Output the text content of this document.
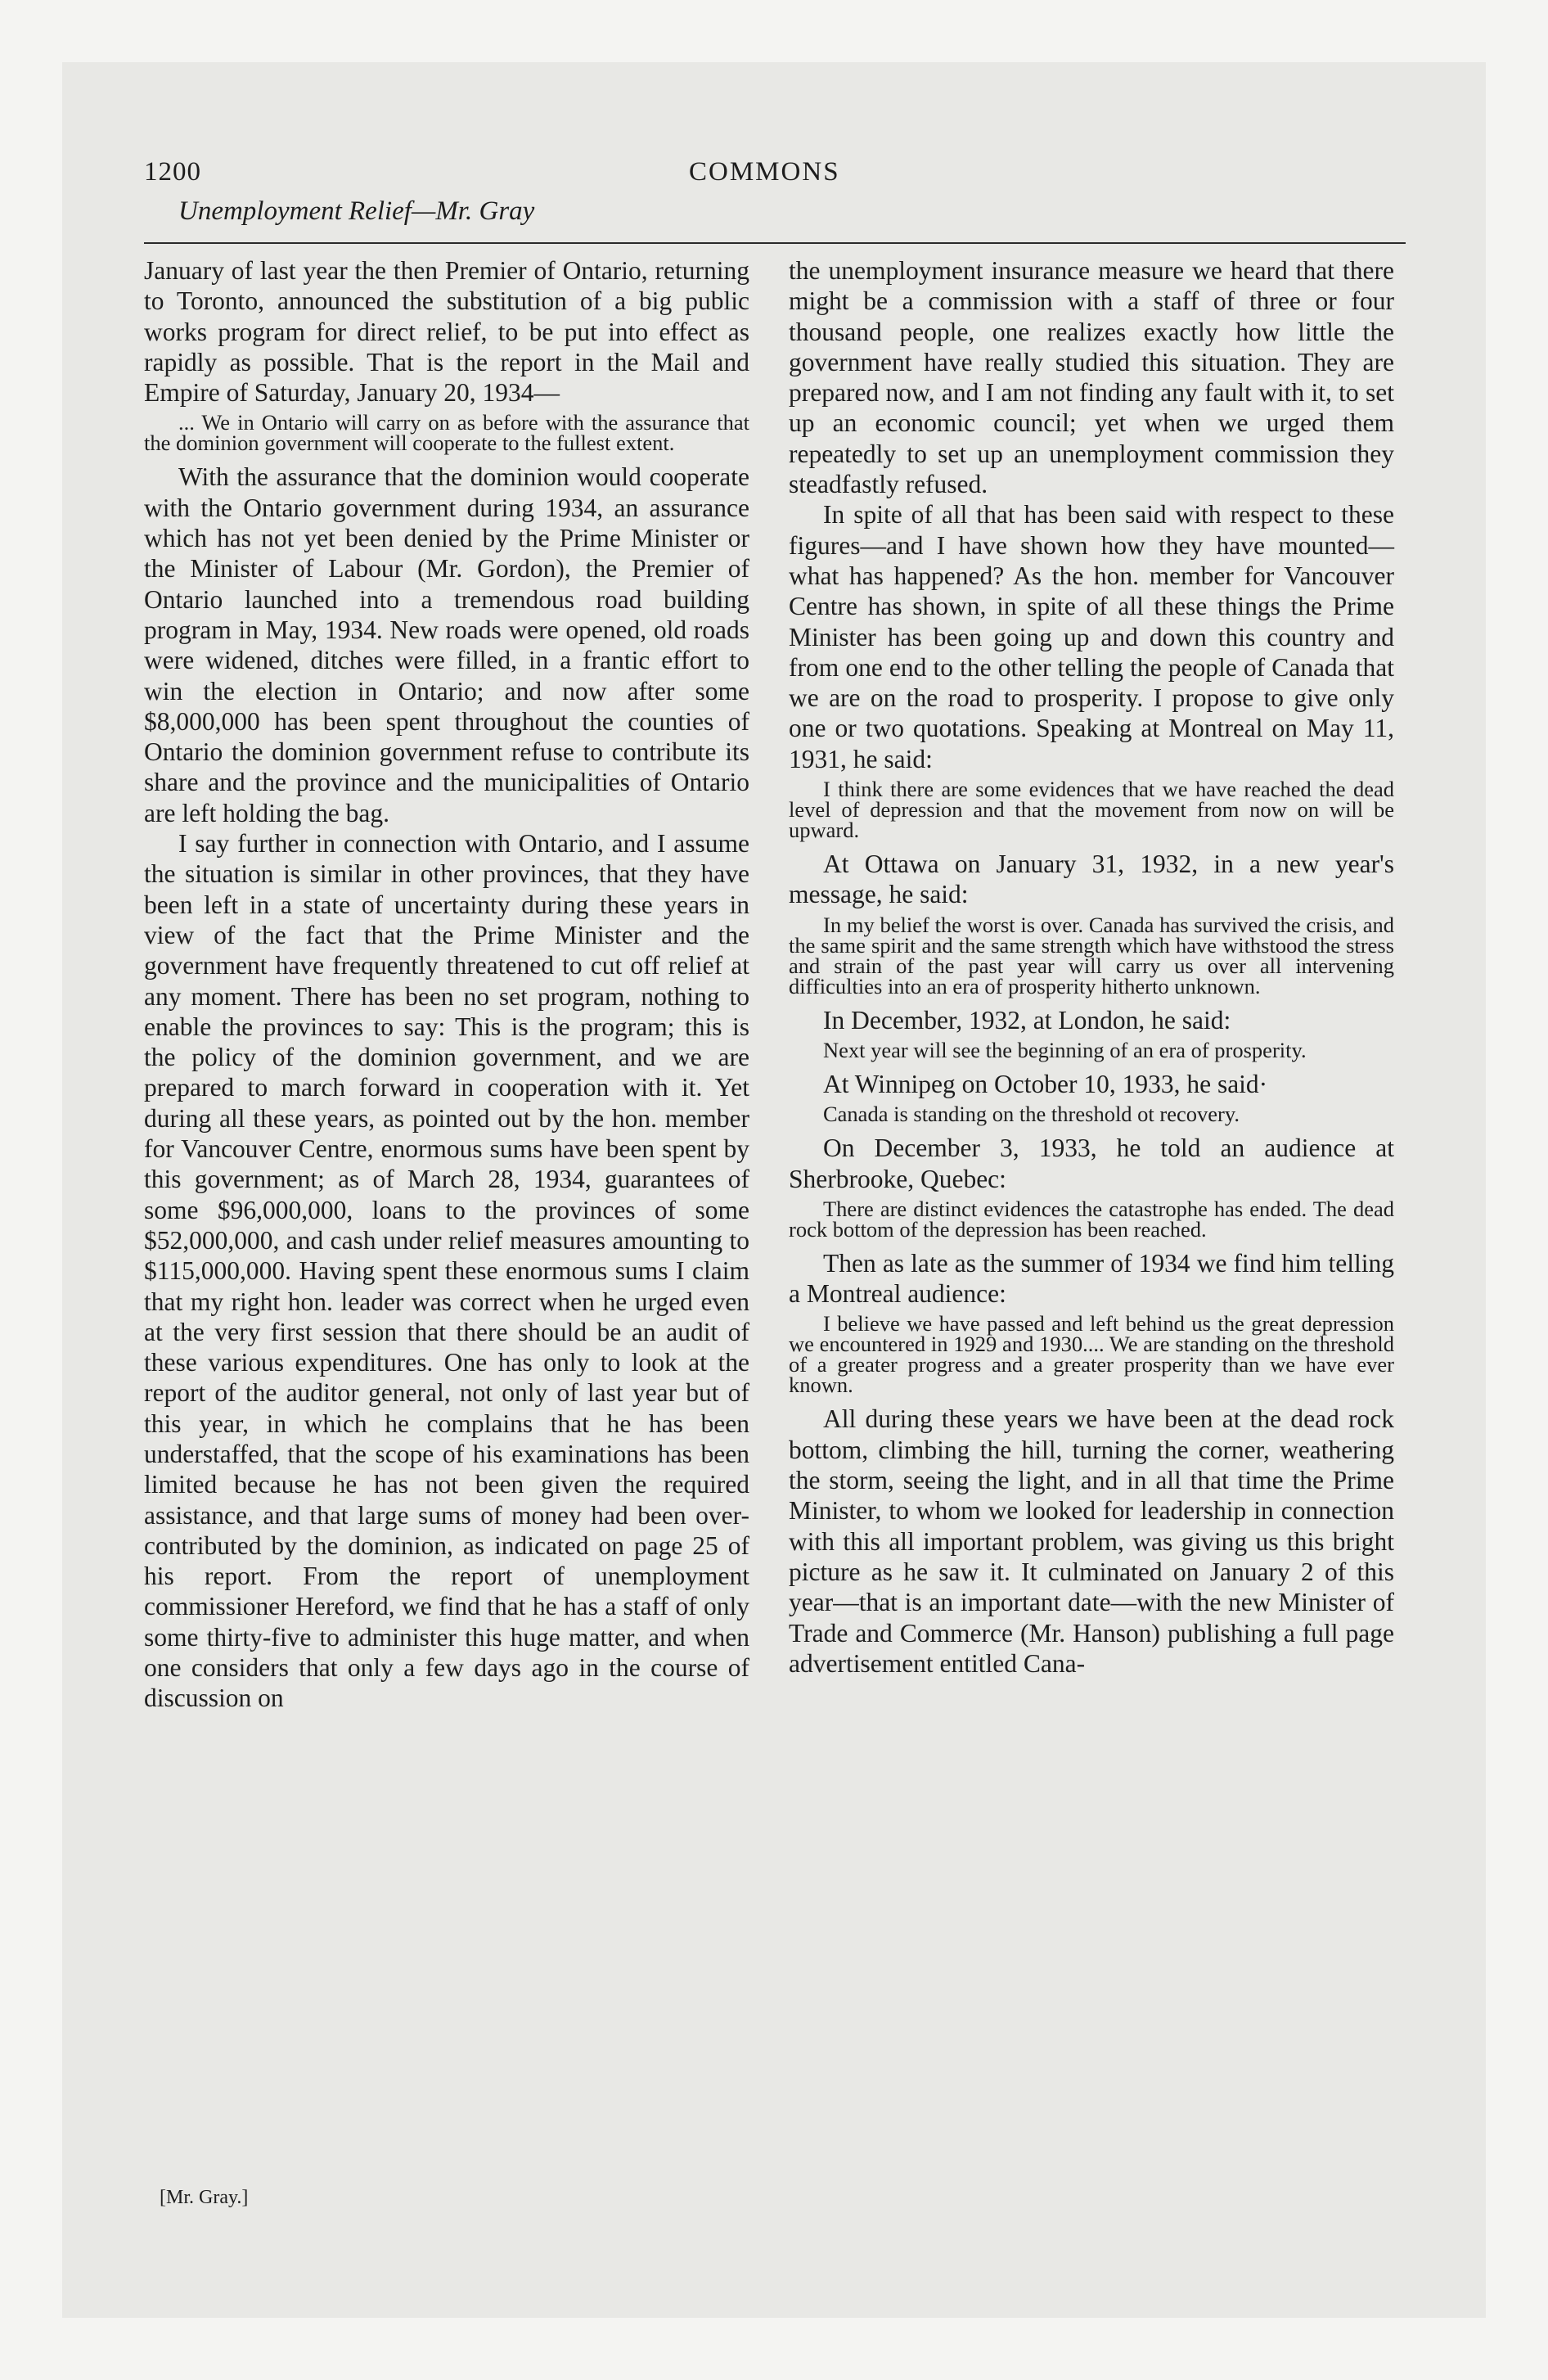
1200	COMMONS
Unemployment Relief—Mr. Gray

January of last year the then Premier of Ontario, returning to Toronto, announced the substitution of a big public works program for direct relief, to be put into effect as rapidly as possible. That is the report in the Mail and Empire of Saturday, January 20, 1934—

... We in Ontario will carry on as before with the assurance that the dominion government will cooperate to the fullest extent.

With the assurance that the dominion would cooperate with the Ontario government during 1934, an assurance which has not yet been denied by the Prime Minister or the Minister of Labour (Mr. Gordon), the Premier of Ontario launched into a tremendous road building program in May, 1934. New roads were opened, old roads were widened, ditches were filled, in a frantic effort to win the election in Ontario; and now after some $8,000,000 has been spent throughout the counties of Ontario the dominion government refuse to contribute its share and the province and the municipalities of Ontario are left holding the bag.

I say further in connection with Ontario, and I assume the situation is similar in other provinces, that they have been left in a state of uncertainty during these years in view of the fact that the Prime Minister and the government have frequently threatened to cut off relief at any moment. There has been no set program, nothing to enable the provinces to say: This is the program; this is the policy of the dominion government, and we are prepared to march forward in cooperation with it. Yet during all these years, as pointed out by the hon. member for Vancouver Centre, enormous sums have been spent by this government; as of March 28, 1934, guarantees of some $96,000,000, loans to the provinces of some $52,000,000, and cash under relief measures amounting to $115,000,000. Having spent these enormous sums I claim that my right hon. leader was correct when he urged even at the very first session that there should be an audit of these various expenditures. One has only to look at the report of the auditor general, not only of last year but of this year, in which he complains that he has been understaffed, that the scope of his examinations has been limited because he has not been given the required assistance, and that large sums of money had been over-contributed by the dominion, as indicated on page 25 of his report. From the report of unemployment commissioner Hereford, we find that he has a staff of only some thirty-five to administer this huge matter, and when one considers that only a few days ago in the course of discussion on

the unemployment insurance measure we heard that there might be a commission with a staff of three or four thousand people, one realizes exactly how little the government have really studied this situation. They are prepared now, and I am not finding any fault with it, to set up an economic council; yet when we urged them repeatedly to set up an unemployment commission they steadfastly refused.

In spite of all that has been said with respect to these figures—and I have shown how they have mounted—what has happened? As the hon. member for Vancouver Centre has shown, in spite of all these things the Prime Minister has been going up and down this country and from one end to the other telling the people of Canada that we are on the road to prosperity. I propose to give only one or two quotations. Speaking at Montreal on May 11, 1931, he said:

I think there are some evidences that we have reached the dead level of depression and that the movement from now on will be upward.

At Ottawa on January 31, 1932, in a new year's message, he said:

In my belief the worst is over. Canada has survived the crisis, and the same spirit and the same strength which have withstood the stress and strain of the past year will carry us over all intervening difficulties into an era of prosperity hitherto unknown.

In December, 1932, at London, he said:

Next year will see the beginning of an era of prosperity.

At Winnipeg on October 10, 1933, he said·

Canada is standing on the threshold ot recovery.

On December 3, 1933, he told an audience at Sherbrooke, Quebec:

There are distinct evidences the catastrophe has ended. The dead rock bottom of the depression has been reached.

Then as late as the summer of 1934 we find him telling a Montreal audience:

I believe we have passed and left behind us the great depression we encountered in 1929 and 1930.... We are standing on the threshold of a greater progress and a greater prosperity than we have ever known.

All during these years we have been at the dead rock bottom, climbing the hill, turning the corner, weathering the storm, seeing the light, and in all that time the Prime Minister, to whom we looked for leadership in connection with this all important problem, was giving us this bright picture as he saw it. It culminated on January 2 of this year—that is an important date—with the new Minister of Trade and Commerce (Mr. Hanson) publishing a full page advertisement entitled Cana-

[Mr. Gray.]
